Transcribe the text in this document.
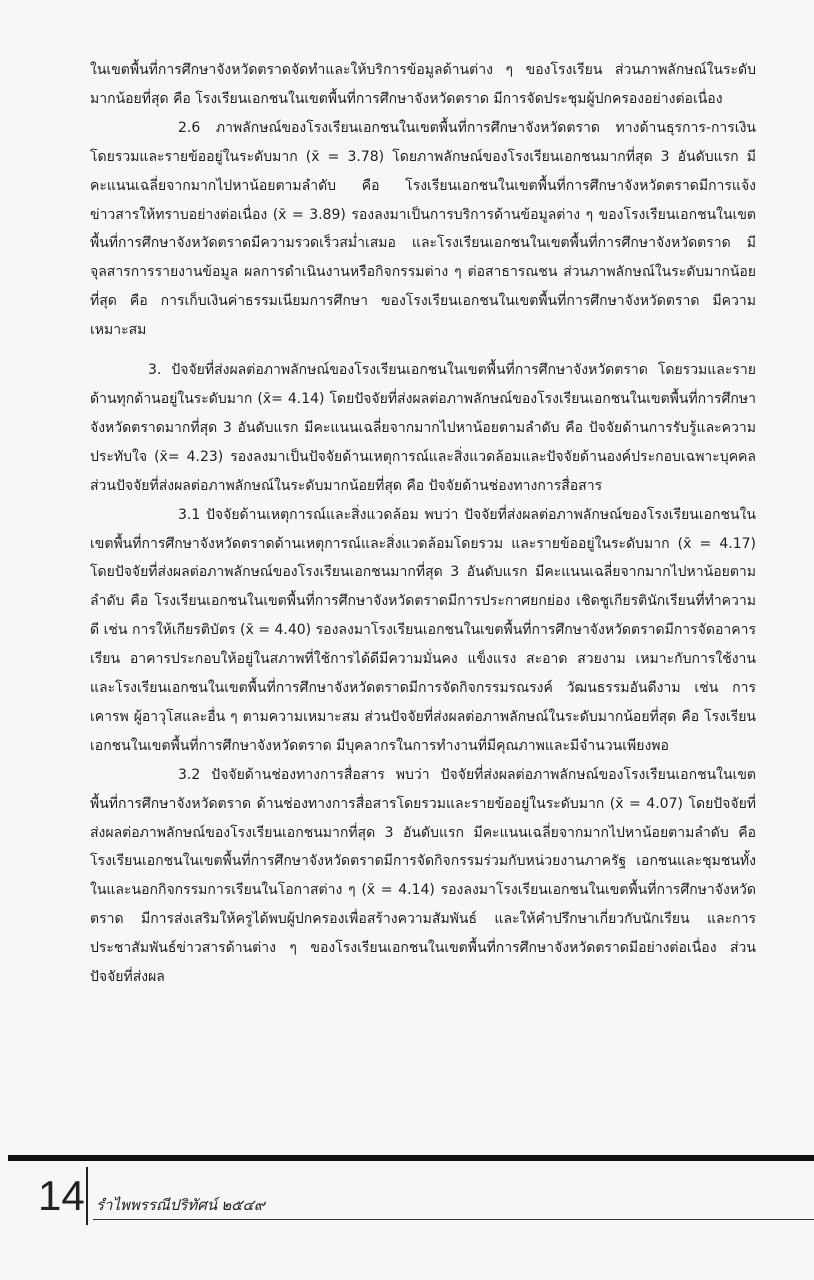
ในเขตพื้นที่การศึกษาจังหวัดตราดจัดทำและให้บริการข้อมูลด้านต่าง ๆ ของโรงเรียน ส่วนภาพลักษณ์ในระดับมากน้อยที่สุด คือ โรงเรียนเอกชนในเขตพื้นที่การศึกษาจังหวัดตราด มีการจัดประชุมผู้ปกครองอย่างต่อเนื่อง

2.6 ภาพลักษณ์ของโรงเรียนเอกชนในเขตพื้นที่การศึกษาจังหวัดตราด ทางด้านธุรการ-การเงินโดยรวมและรายข้ออยู่ในระดับมาก (x̄ = 3.78) โดยภาพลักษณ์ของโรงเรียนเอกชนมากที่สุด 3 อันดับแรก มีคะแนนเฉลี่ยจากมากไปหาน้อยตามลำดับ คือ โรงเรียนเอกชนในเขตพื้นที่การศึกษาจังหวัดตราดมีการแจ้งข่าวสารให้ทราบอย่างต่อเนื่อง (x̄ = 3.89) รองลงมาเป็นการบริการด้านข้อมูลต่าง ๆ ของโรงเรียนเอกชนในเขตพื้นที่การศึกษาจังหวัดตราดมีความรวดเร็วสม่ำเสมอ และโรงเรียนเอกชนในเขตพื้นที่การศึกษาจังหวัดตราด มีจุลสารการรายงานข้อมูล ผลการดำเนินงานหรือกิจกรรมต่าง ๆ ต่อสาธารณชน ส่วนภาพลักษณ์ในระดับมากน้อยที่สุด คือ การเก็บเงินค่าธรรมเนียมการศึกษา ของโรงเรียนเอกชนในเขตพื้นที่การศึกษาจังหวัดตราด มีความเหมาะสม

3. ปัจจัยที่ส่งผลต่อภาพลักษณ์ของโรงเรียนเอกชนในเขตพื้นที่การศึกษาจังหวัดตราด โดยรวมและรายด้านทุกด้านอยู่ในระดับมาก (x̄= 4.14) โดยปัจจัยที่ส่งผลต่อภาพลักษณ์ของโรงเรียนเอกชนในเขตพื้นที่การศึกษาจังหวัดตราดมากที่สุด 3 อันดับแรก มีคะแนนเฉลี่ยจากมากไปหาน้อยตามลำดับ คือ ปัจจัยด้านการรับรู้และความประทับใจ (x̄= 4.23) รองลงมาเป็นปัจจัยด้านเหตุการณ์และสิ่งแวดล้อมและปัจจัยด้านองค์ประกอบเฉพาะบุคคล ส่วนปัจจัยที่ส่งผลต่อภาพลักษณ์ในระดับมากน้อยที่สุด คือ ปัจจัยด้านช่องทางการสื่อสาร

3.1 ปัจจัยด้านเหตุการณ์และสิ่งแวดล้อม พบว่า ปัจจัยที่ส่งผลต่อภาพลักษณ์ของโรงเรียนเอกชนในเขตพื้นที่การศึกษาจังหวัดตราดด้านเหตุการณ์และสิ่งแวดล้อมโดยรวม และรายข้ออยู่ในระดับมาก (x̄ = 4.17) โดยปัจจัยที่ส่งผลต่อภาพลักษณ์ของโรงเรียนเอกชนมากที่สุด 3 อันดับแรก มีคะแนนเฉลี่ยจากมากไปหาน้อยตามลำดับ คือ โรงเรียนเอกชนในเขตพื้นที่การศึกษาจังหวัดตราดมีการประกาศยกย่อง เชิดชูเกียรตินักเรียนที่ทำความดี เช่น การให้เกียรติบัตร (x̄ = 4.40) รองลงมาโรงเรียนเอกชนในเขตพื้นที่การศึกษาจังหวัดตราดมีการจัดอาคารเรียน อาคารประกอบให้อยู่ในสภาพที่ใช้การได้ดีมีความมั่นคง แข็งแรง สะอาด สวยงาม เหมาะกับการใช้งาน และโรงเรียนเอกชนในเขตพื้นที่การศึกษาจังหวัดตราดมีการจัดกิจกรรมรณรงค์ วัฒนธรรมอันดีงาม เช่น การเคารพ ผู้อาวุโสและอื่น ๆ ตามความเหมาะสม ส่วนปัจจัยที่ส่งผลต่อภาพลักษณ์ในระดับมากน้อยที่สุด คือ โรงเรียนเอกชนในเขตพื้นที่การศึกษาจังหวัดตราด มีบุคลากรในการทำงานที่มีคุณภาพและมีจำนวนเพียงพอ

3.2 ปัจจัยด้านช่องทางการสื่อสาร พบว่า ปัจจัยที่ส่งผลต่อภาพลักษณ์ของโรงเรียนเอกชนในเขตพื้นที่การศึกษาจังหวัดตราด ด้านช่องทางการสื่อสารโดยรวมและรายข้ออยู่ในระดับมาก (x̄ = 4.07) โดยปัจจัยที่ส่งผลต่อภาพลักษณ์ของโรงเรียนเอกชนมากที่สุด 3 อันดับแรก มีคะแนนเฉลี่ยจากมากไปหาน้อยตามลำดับ คือ โรงเรียนเอกชนในเขตพื้นที่การศึกษาจังหวัดตราดมีการจัดกิจกรรมร่วมกับหน่วยงานภาครัฐ เอกชนและชุมชนทั้งในและนอกกิจกรรมการเรียนในโอกาสต่าง ๆ (x̄ = 4.14) รองลงมาโรงเรียนเอกชนในเขตพื้นที่การศึกษาจังหวัดตราด มีการส่งเสริมให้ครูได้พบผู้ปกครองเพื่อสร้างความสัมพันธ์ และให้คำปรึกษาเกี่ยวกับนักเรียน และการประชาสัมพันธ์ข่าวสารด้านต่าง ๆ ของโรงเรียนเอกชนในเขตพื้นที่การศึกษาจังหวัดตราดมีอย่างต่อเนื่อง ส่วนปัจจัยที่ส่งผล

14 รำไพพรรณีปริทัศน์ ๒๕๔๙
